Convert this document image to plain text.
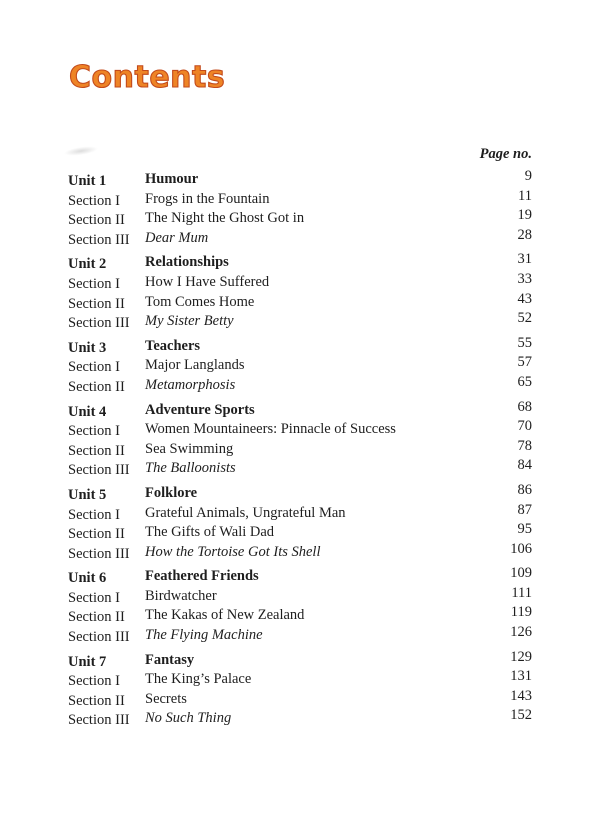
Contents
Page no.
Unit 1	Humour	9
Section I	Frogs in the Fountain	11
Section II	The Night the Ghost Got in	19
Section III	Dear Mum	28
Unit 2	Relationships	31
Section I	How I Have Suffered	33
Section II	Tom Comes Home	43
Section III	My Sister Betty	52
Unit 3	Teachers	55
Section I	Major Langlands	57
Section II	Metamorphosis	65
Unit 4	Adventure Sports	68
Section I	Women Mountaineers: Pinnacle of Success	70
Section II	Sea Swimming	78
Section III	The Balloonists	84
Unit 5	Folklore	86
Section I	Grateful Animals, Ungrateful Man	87
Section II	The Gifts of Wali Dad	95
Section III	How the Tortoise Got Its Shell	106
Unit 6	Feathered Friends	109
Section I	Birdwatcher	111
Section II	The Kakas of New Zealand	119
Section III	The Flying Machine	126
Unit 7	Fantasy	129
Section I	The King’s Palace	131
Section II	Secrets	143
Section III	No Such Thing	152
